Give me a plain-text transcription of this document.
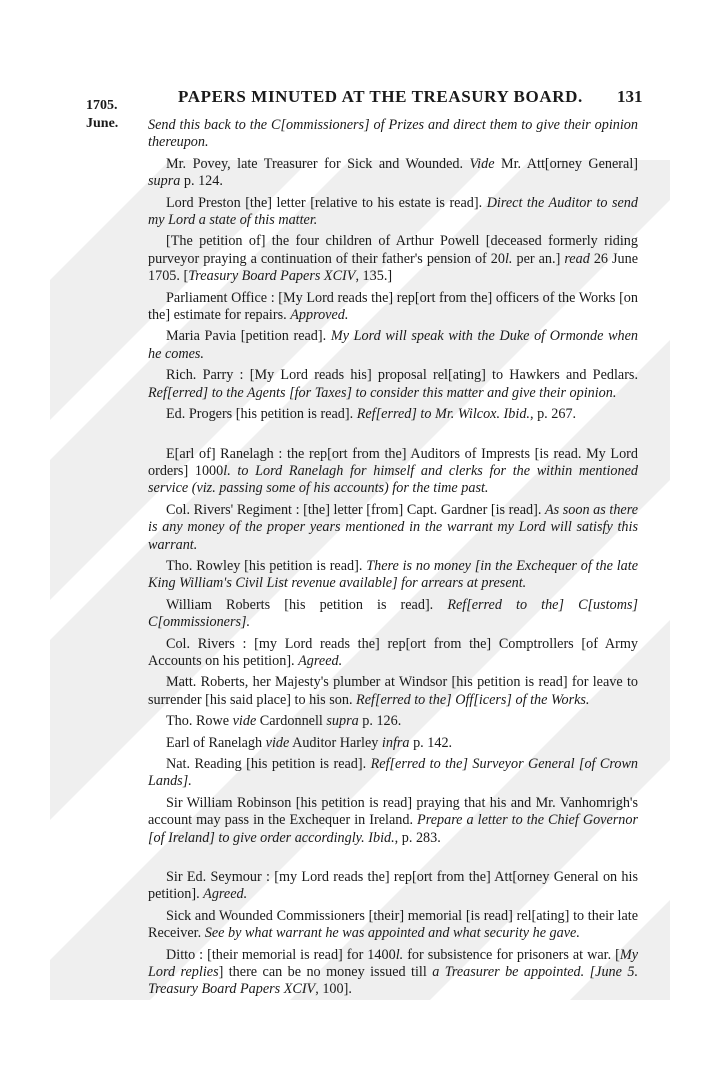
PAPERS MINUTED AT THE TREASURY BOARD. 131
1705.
June. Send this back to the C[ommissioners] of Prizes and direct them to give their opinion thereupon.

Mr. Povey, late Treasurer for Sick and Wounded. Vide Mr. Att[orney General] supra p. 124.

Lord Preston [the] letter [relative to his estate is read]. Direct the Auditor to send my Lord a state of this matter.

[The petition of] the four children of Arthur Powell [deceased formerly riding purveyor praying a continuation of their father's pension of 20l. per an.] read 26 June 1705. [Treasury Board Papers XCIV, 135.]

Parliament Office : [My Lord reads the] rep[ort from the] officers of the Works [on the] estimate for repairs. Approved.

Maria Pavia [petition read]. My Lord will speak with the Duke of Ormonde when he comes.

Rich. Parry : [My Lord reads his] proposal rel[ating] to Hawkers and Pedlars. Ref[erred] to the Agents [for Taxes] to consider this matter and give their opinion.

Ed. Progers [his petition is read]. Ref[erred] to Mr. Wilcox. Ibid., p. 267.

E[arl of] Ranelagh : the rep[ort from the] Auditors of Imprests [is read. My Lord orders] 1000l. to Lord Ranelagh for himself and clerks for the within mentioned service (viz. passing some of his accounts) for the time past.

Col. Rivers' Regiment : [the] letter [from] Capt. Gardner [is read]. As soon as there is any money of the proper years mentioned in the warrant my Lord will satisfy this warrant.

Tho. Rowley [his petition is read]. There is no money [in the Exchequer of the late King William's Civil List revenue available] for arrears at present.

William Roberts [his petition is read]. Ref[erred to the] C[ustoms] C[ommissioners].

Col. Rivers : [my Lord reads the] rep[ort from the] Comptrollers [of Army Accounts on his petition]. Agreed.

Matt. Roberts, her Majesty's plumber at Windsor [his petition is read] for leave to surrender [his said place] to his son. Ref[erred to the] Off[icers] of the Works.

Tho. Rowe vide Cardonnell supra p. 126.

Earl of Ranelagh vide Auditor Harley infra p. 142.

Nat. Reading [his petition is read]. Ref[erred to the] Surveyor General [of Crown Lands].

Sir William Robinson [his petition is read] praying that his and Mr. Vanhomrigh's account may pass in the Exchequer in Ireland. Prepare a letter to the Chief Governor [of Ireland] to give order accordingly. Ibid., p. 283.

Sir Ed. Seymour : [my Lord reads the] rep[ort from the] Att[orney General on his petition]. Agreed.

Sick and Wounded Commissioners [their] memorial [is read] rel[ating] to their late Receiver. See by what warrant he was appointed and what security he gave.

Ditto : [their memorial is read] for 1400l. for subsistence for prisoners at war. [My Lord replies] there can be no money issued till a Treasurer be appointed. [June 5. Treasury Board Papers XCIV, 100].
